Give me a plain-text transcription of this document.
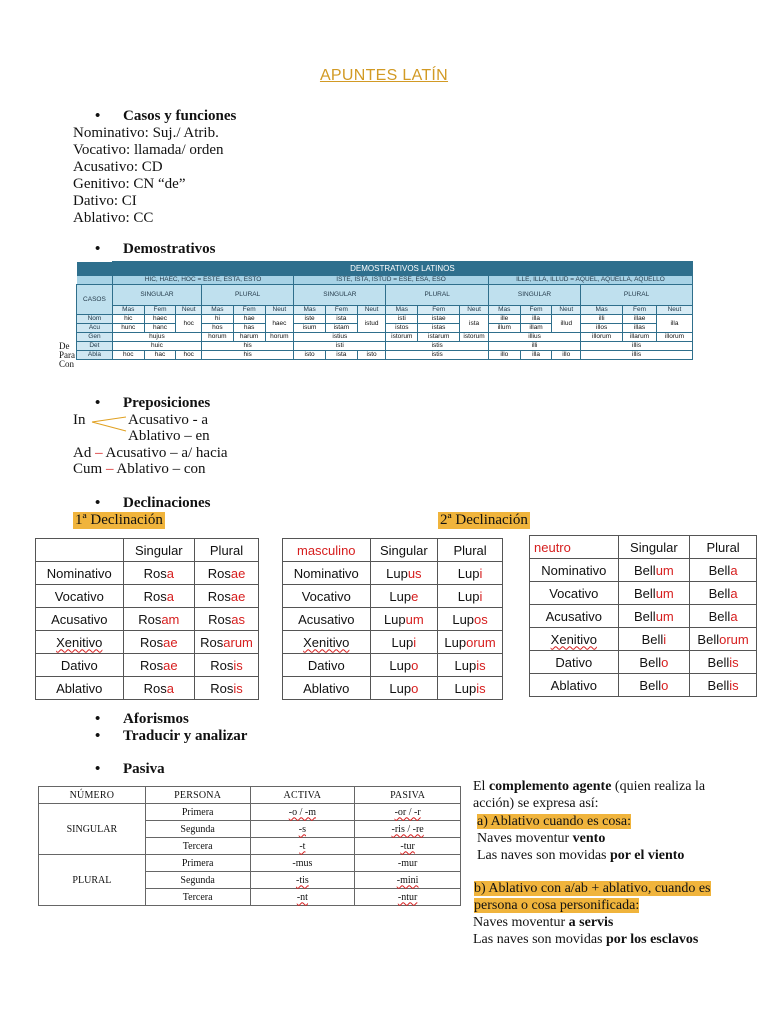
APUNTES LATÍN
• Casos y funciones
Nominativo: Suj./ Atrib.
Vocativo: llamada/ orden
Acusativo: CD
Genitivo: CN “de”
Dativo: CI
Ablativo: CC
• Demostrativos
De
Para
Con
	DEMOSTRATIVOS LATINOS																	
	HIC, HAEC, HOC = ESTE, ESTA, ESTO						ISTE, ISTA, ISTUD = ESE, ESA, ESO						ILLE, ILLA, ILLUD = AQUEL, AQUELLA, AQUELLO					
CASOS	SINGULAR			PLURAL			SINGULAR			PLURAL			SINGULAR			PLURAL		
	Mas	Fem	Neut	Mas	Fem	Neut	Mas	Fem	Neut	Mas	Fem	Neut	Mas	Fem	Neut	Mas	Fem	Neut
Nom	hic	haec	hoc	hi	hae	haec	iste	ista	istud	isti	istae	ista	ille	illa	illud	illi	illae	illa
Acu	hunc	hanc		hos	has		isum	istam		istos	istas		illum	illam		illos	illas	
Gen	hujus			horum	harum	horum	istius			istorum	istarum	istorum	illius			illorum	illarum	illorum
Det	huic			his			isti			istis			illi			illis		
Abla	hoc	hac	hoc	his			isto	ista	isto	istis			illo	illa	illo	illis		
• Preposiciones
In	Acusativo - a
Ablativo – en
Ad – Acusativo – a/ hacia
Cum – Ablativo – con
• Declinaciones
1ª Declinación	2ª Declinación
	Singular	Plural
Nominativo	Rosa	Rosae
Vocativo	Rosa	Rosae
Acusativo	Rosam	Rosas
Xenitivo	Rosae	Rosarum
Dativo	Rosae	Rosis
Ablativo	Rosa	Rosis
masculino	Singular	Plural
Nominativo	Lupus	Lupi
Vocativo	Lupe	Lupi
Acusativo	Lupum	Lupos
Xenitivo	Lupi	Luporum
Dativo	Lupo	Lupis
Ablativo	Lupo	Lupis
neutro	Singular	Plural
Nominativo	Bellum	Bella
Vocativo	Bellum	Bella
Acusativo	Bellum	Bella
Xenitivo	Belli	Bellorum
Dativo	Bello	Bellis
Ablativo	Bello	Bellis
• Aforismos
• Traducir y analizar
• Pasiva
NÚMERO	PERSONA	ACTIVA	PASIVA
SINGULAR	Primera	-o / -m	-or / -r
	Segunda	-s	-ris / -re
	Tercera	-t	-tur
PLURAL	Primera	-mus	-mur
	Segunda	-tis	-mini
	Tercera	-nt	-ntur
El complemento agente (quien realiza la acción) se expresa así:
a) Ablativo cuando es cosa:
Naves moventur vento
Las naves son movidas por el viento
b) Ablativo con a/ab + ablativo, cuando es persona o cosa personificada:
Naves moventur a servis
Las naves son movidas por los esclavos
